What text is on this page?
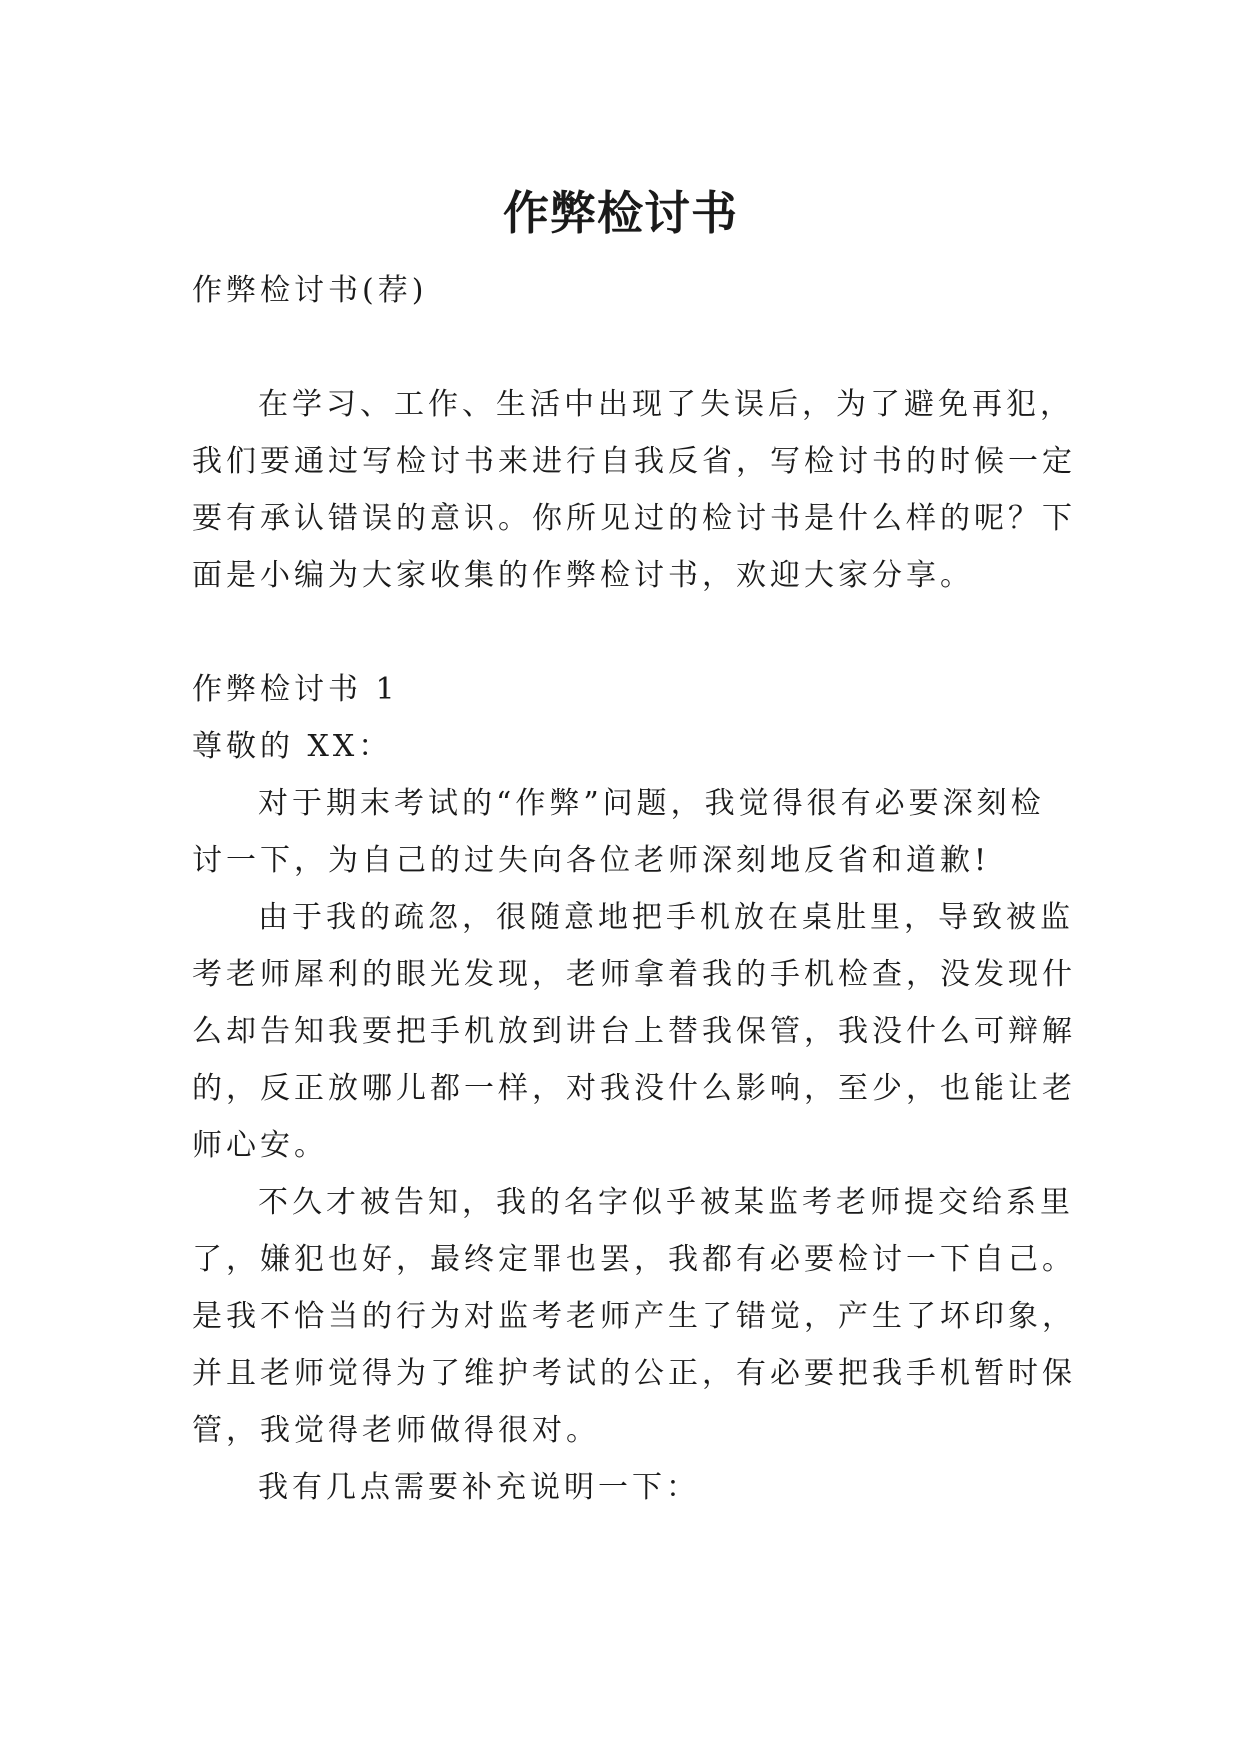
作弊检讨书

作弊检讨书(荐)

在学习、工作、生活中出现了失误后，为了避免再犯，
我们要通过写检讨书来进行自我反省，写检讨书的时候一定
要有承认错误的意识。你所见过的检讨书是什么样的呢？下
面是小编为大家收集的作弊检讨书，欢迎大家分享。

作弊检讨书 1

尊敬的 XX：

对于期末考试的“作弊”问题，我觉得很有必要深刻检
讨一下，为自己的过失向各位老师深刻地反省和道歉!
由于我的疏忽，很随意地把手机放在桌肚里，导致被监
考老师犀利的眼光发现，老师拿着我的手机检查，没发现什
么却告知我要把手机放到讲台上替我保管，我没什么可辩解
的，反正放哪儿都一样，对我没什么影响，至少，也能让老
师心安。
不久才被告知，我的名字似乎被某监考老师提交给系里
了，嫌犯也好，最终定罪也罢，我都有必要检讨一下自己。
是我不恰当的行为对监考老师产生了错觉，产生了坏印象，
并且老师觉得为了维护考试的公正，有必要把我手机暂时保
管，我觉得老师做得很对。
我有几点需要补充说明一下：
